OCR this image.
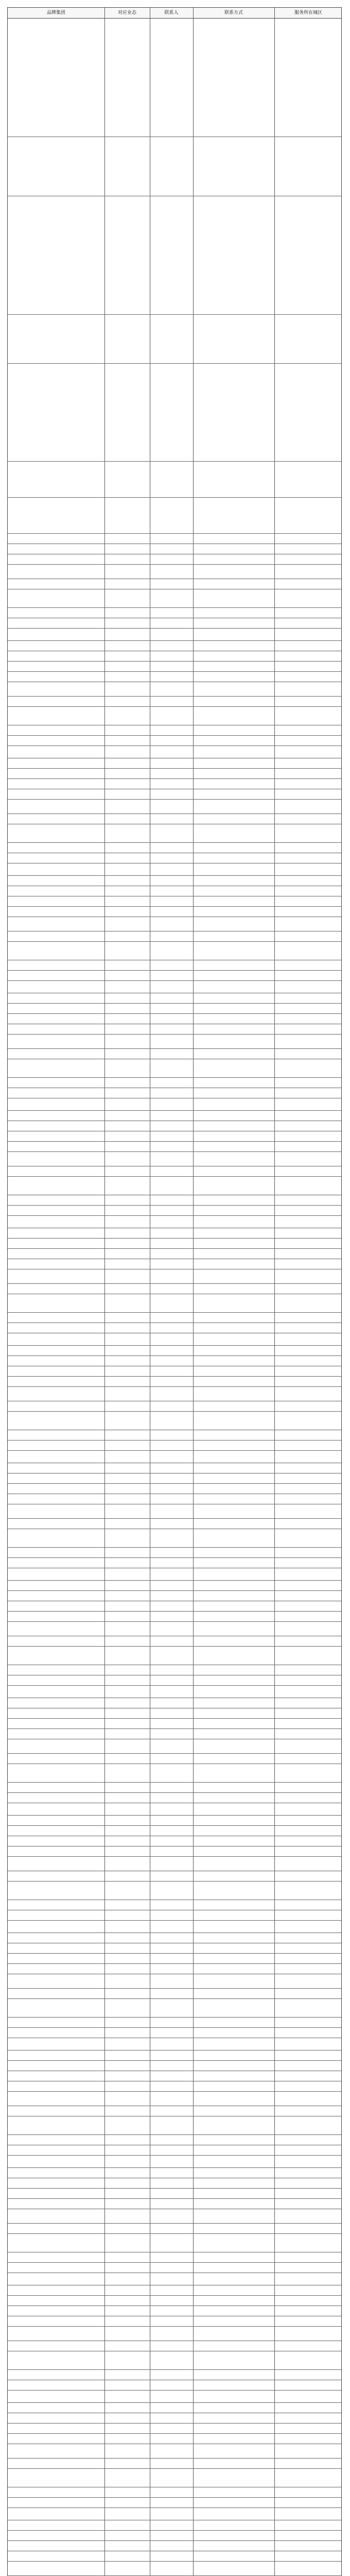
品牌集团	对应业态	联系人	联系方式	服务所在城区
